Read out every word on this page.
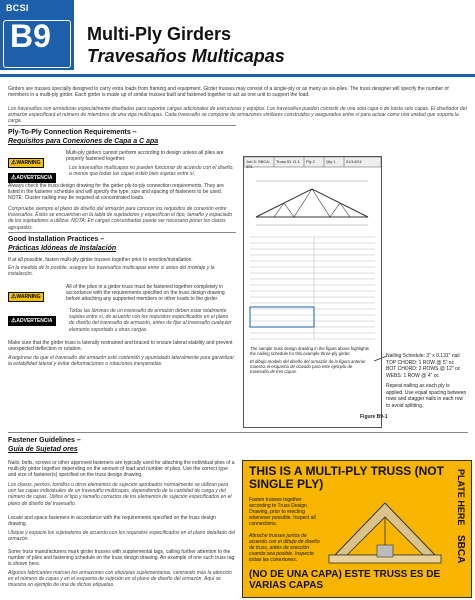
BCSI
B9 Multi-Ply Girders
Travesaños Multicapas
Girders are trusses specially designed to carry extra loads from framing and equipment. Girder trusses may consist of a single-ply or as many as six-plies. The truss designer will specify the number of members in a multi-ply girder. Each girder is made up of similar trusses built and fastened together to act as one unit to support the load.
Los travesaños son armaduras especialmente diseñadas para soportar cargas adicionales de estructuras y equipos. Los travesaños pueden consistir de una sola capa o de hasta seis capas. El diseñador del armazón especificará el número de miembros de una viga multicapas. Cada travesaño se compone de armazones similares construidos y asegurados entre sí para actuar como una unidad que soporta la carga.
Ply-To-Ply Connection Requirements –
Requisitos para Conexiones de Capa a C apa
⚠WARNING
Multi-ply girders cannot perform according to design unless all plies are properly fastened together.
⚠ADVERTENCIA
Los travesaños multicapas no pueden funcionar de acuerdo con el diseño, a menos que todas las capas estén bien sujetas entre sí.
Always check the truss design drawing for the girder ply-to-ply connection requirements. They are listed in the fastener schedule and will specify the type, size and spacing of fasteners to be used. NOTE: Cluster nailing may be required at concentrated loads.
Compruebe siempre el plano de diseño del armazón para conocer los requisitos de conexión entre travesaños. Éstos se encuentran en la tabla de sujetadores y especifican el tipo, tamaño y espaciado de los sujetadores a utilizar. NOTA: En cargas concentradas puede ser necesario poner los clavos agrupados.
Good Installation Practices –
Prácticas Idóneas de Instalación
If at all possible, fasten multi-ply girder trusses together prior to erection/installation.
En la medida de lo posible, asegure los travesaños multicapas entre sí antes del montaje y la instalación.
⚠WARNING
All of the plies in a girder truss must be fastened together completely in accordance with the requirements specified on the truss design drawing before attaching any supported members or other loads to the girder.
⚠ADVERTENCIA
Todas las láminas de un travesaño de armazón deben estar totalmente sujetas entre sí, de acuerdo con los requisitos especificados en el plano de diseño del travesaño de armazón, antes de fijar al travesaño cualquier elemento soportado u otras cargas.
Make sure that the girder truss is laterally restrained and braced to ensure lateral stability and prevent unexpected deflection or rotation.
Asegúrese de que el travesaño del armazón esté contenido y apuntalado lateralmente para garantizar la estabilidad lateral y evitar deformaciones o rotaciones inesperadas.
Job 5: SBCA-301
Truss ID: G-1	Ply 2	Qty 1	01/14/24
The sample truss design drawing in the figure above highlights the nailing schedule for this example three-ply girder.
El dibujo modelo del diseño del armazón de la figura anterior muestra el esquema de clavado para este ejemplo de travesaño de tres capas.
Figure B9-1
Nailing Schedule: 3" x 0.131" nail
TOP CHORD: 1 ROW @ 5" oc
BOT CHORD: 2 ROWS @ 12" oc
WEBS: 1 ROW @ 4" oc
Repeat nailing as each ply is applied. Use equal spacing between rows and stagger nails in each row to avoid splitting.
Fastener Guidelines –
Guía de Sujetad ores
Nails, bolts, screws or other approved fasteners are typically used for attaching the individual plies of a multi-ply girder together depending on the amount of load and number of plies. Use the correct type and size of fastener(s) specified on the truss design drawing.
Los clavos, pernos, tornillos u otros elementos de sujeción aprobados normalmente se utilizan para unir las capas individuales de un travesaño multicapas, dependiendo de la cantidad de carga y del número de capas. Utilice el tipo y tamaño correctos de los elementos de sujeción especificados en el plano de diseño del travesaño.
Locate and space fasteners in accordance with the requirements specified on the truss design drawing.
Ubique y espacie los sujetadores de acuerdo con los requisitos especificados en el plano detallado del armazón.
Some truss manufacturers mark girder trusses with supplemental tags, calling further attention to the number of plies and fastening schedule on the truss design drawing. An example of one such truss tag is shown here.
Algunos fabricantes marcan los armazones con etiquetas suplementarias, centrando más la atención en el número de capas y en el esquema de sujeción en el plano de diseño del armazón. Aquí se muestra un ejemplo de una de dichas etiquetas.
THIS IS A MULTI-PLY TRUSS (NOT SINGLE PLY)	PLATE HERE
SBCA
Fasten trusses together according to Truss Design Drawing, prior to erecting whenever possible. Inspect all connections.
Abroche trusses juntos de acuerdo con el dibujo de diseño de truss, antes de erección cuando sea posible. Inspecte todas las conexiones.
(NO DE UNA CAPA) ESTE TRUSS ES DE VARIAS CAPAS
